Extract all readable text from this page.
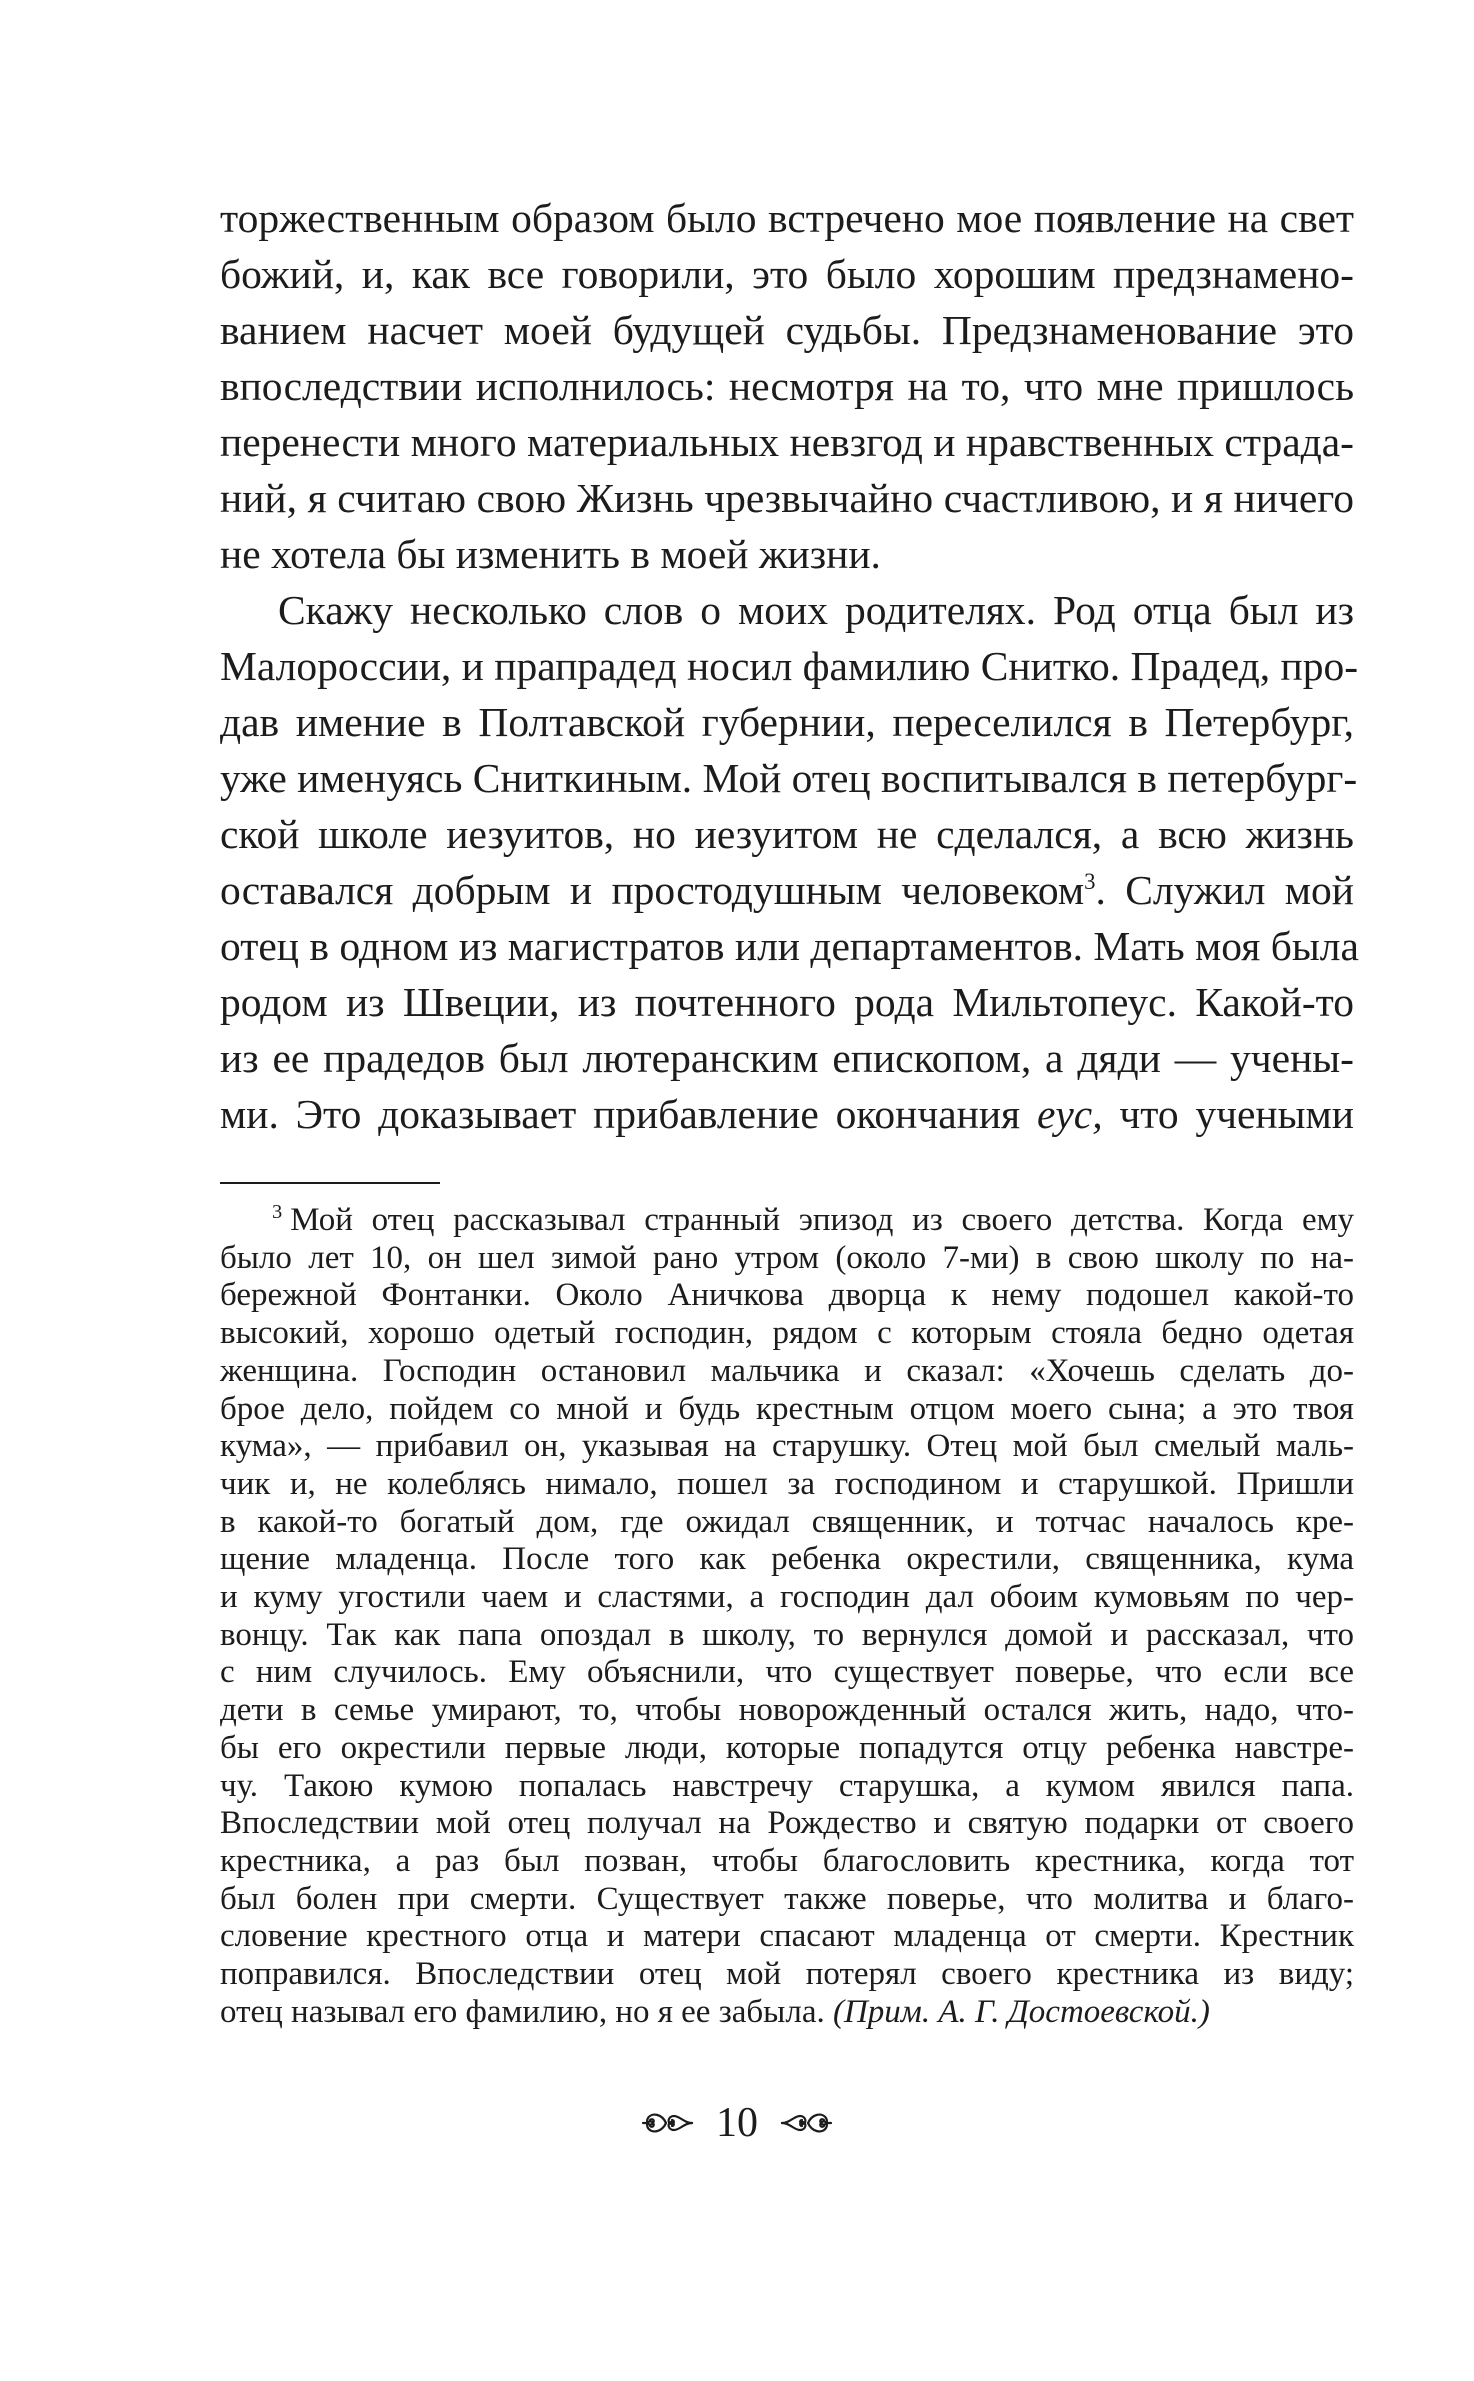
торжественным образом было встречено мое появление на свет
божий, и, как все говорили, это было хорошим предзнамено-
ванием насчет моей будущей судьбы. Предзнаменование это
впоследствии исполнилось: несмотря на то, что мне пришлось
перенести много материальных невзгод и нравственных страда-
ний, я считаю свою Жизнь чрезвычайно счастливою, и я ничего
не хотела бы изменить в моей жизни.
Скажу несколько слов о моих родителях. Род отца был из
Малороссии, и прапрадед носил фамилию Снитко. Прадед, про-
дав имение в Полтавской губернии, переселился в Петербург,
уже именуясь Сниткиным. Мой отец воспитывался в петербург-
ской школе иезуитов, но иезуитом не сделался, а всю жизнь
оставался добрым и простодушным человеком$^3$. Служил мой
отец в одном из магистратов или департаментов. Мать моя была
родом из Швеции, из почтенного рода Мильтопеус. Какой-то
из ее прадедов был лютеранским епископом, а дяди — учены-
ми. Это доказывает прибавление окончания еус, что учеными
$^3$ Мой отец рассказывал странный эпизод из своего детства. Когда ему
было лет 10, он шел зимой рано утром (около 7-ми) в свою школу по на-
бережной Фонтанки. Около Аничкова дворца к нему подошел какой-то
высокий, хорошо одетый господин, рядом с которым стояла бедно одетая
женщина. Господин остановил мальчика и сказал: «Хочешь сделать до-
брое дело, пойдем со мной и будь крестным отцом моего сына; а это твоя
кума», — прибавил он, указывая на старушку. Отец мой был смелый маль-
чик и, не колеблясь нимало, пошел за господином и старушкой. Пришли
в какой-то богатый дом, где ожидал священник, и тотчас началось кре-
щение младенца. После того как ребенка окрестили, священника, кума
и куму угостили чаем и сластями, а господин дал обоим кумовьям по чер-
вонцу. Так как папа опоздал в школу, то вернулся домой и рассказал, что
с ним случилось. Ему объяснили, что существует поверье, что если все
дети в семье умирают, то, чтобы новорожденный остался жить, надо, что-
бы его окрестили первые люди, которые попадутся отцу ребенка навстре-
чу. Такою кумою попалась навстречу старушка, а кумом явился папа.
Впоследствии мой отец получал на Рождество и святую подарки от своего
крестника, а раз был позван, чтобы благословить крестника, когда тот
был болен при смерти. Существует также поверье, что молитва и благо-
словение крестного отца и матери спасают младенца от смерти. Крестник
поправился. Впоследствии отец мой потерял своего крестника из виду;
отец называл его фамилию, но я ее забыла. (Прим. А. Г. Достоевской.)
10
